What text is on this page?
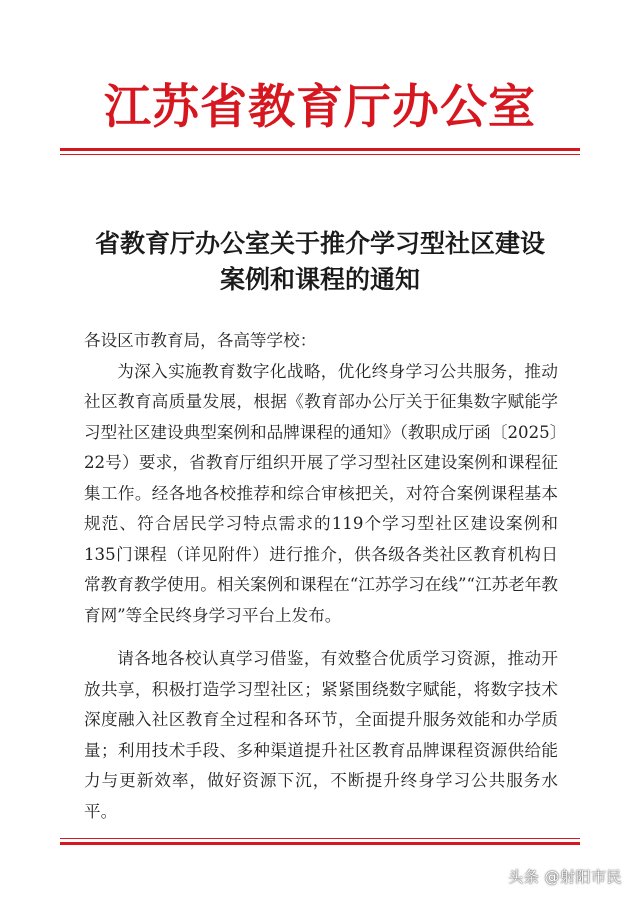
江苏省教育厅办公室
省教育厅办公室关于推介学习型社区建设
案例和课程的通知

各设区市教育局，各高等学校：

为深入实施教育数字化战略，优化终身学习公共服务，推动社区教育高质量发展，根据《教育部办公厅关于征集数字赋能学习型社区建设典型案例和品牌课程的通知》（教职成厅函〔2025〕22号）要求，省教育厅组织开展了学习型社区建设案例和课程征集工作。经各地各校推荐和综合审核把关，对符合案例课程基本规范、符合居民学习特点需求的119个学习型社区建设案例和135门课程（详见附件）进行推介，供各级各类社区教育机构日常教育教学使用。相关案例和课程在“江苏学习在线”“江苏老年教育网”等全民终身学习平台上发布。

请各地各校认真学习借鉴，有效整合优质学习资源，推动开放共享，积极打造学习型社区；紧紧围绕数字赋能，将数字技术深度融入社区教育全过程和各环节，全面提升服务效能和办学质量；利用技术手段、多种渠道提升社区教育品牌课程资源供给能力与更新效率，做好资源下沉，不断提升终身学习公共服务水平。

头条 @射阳市民
